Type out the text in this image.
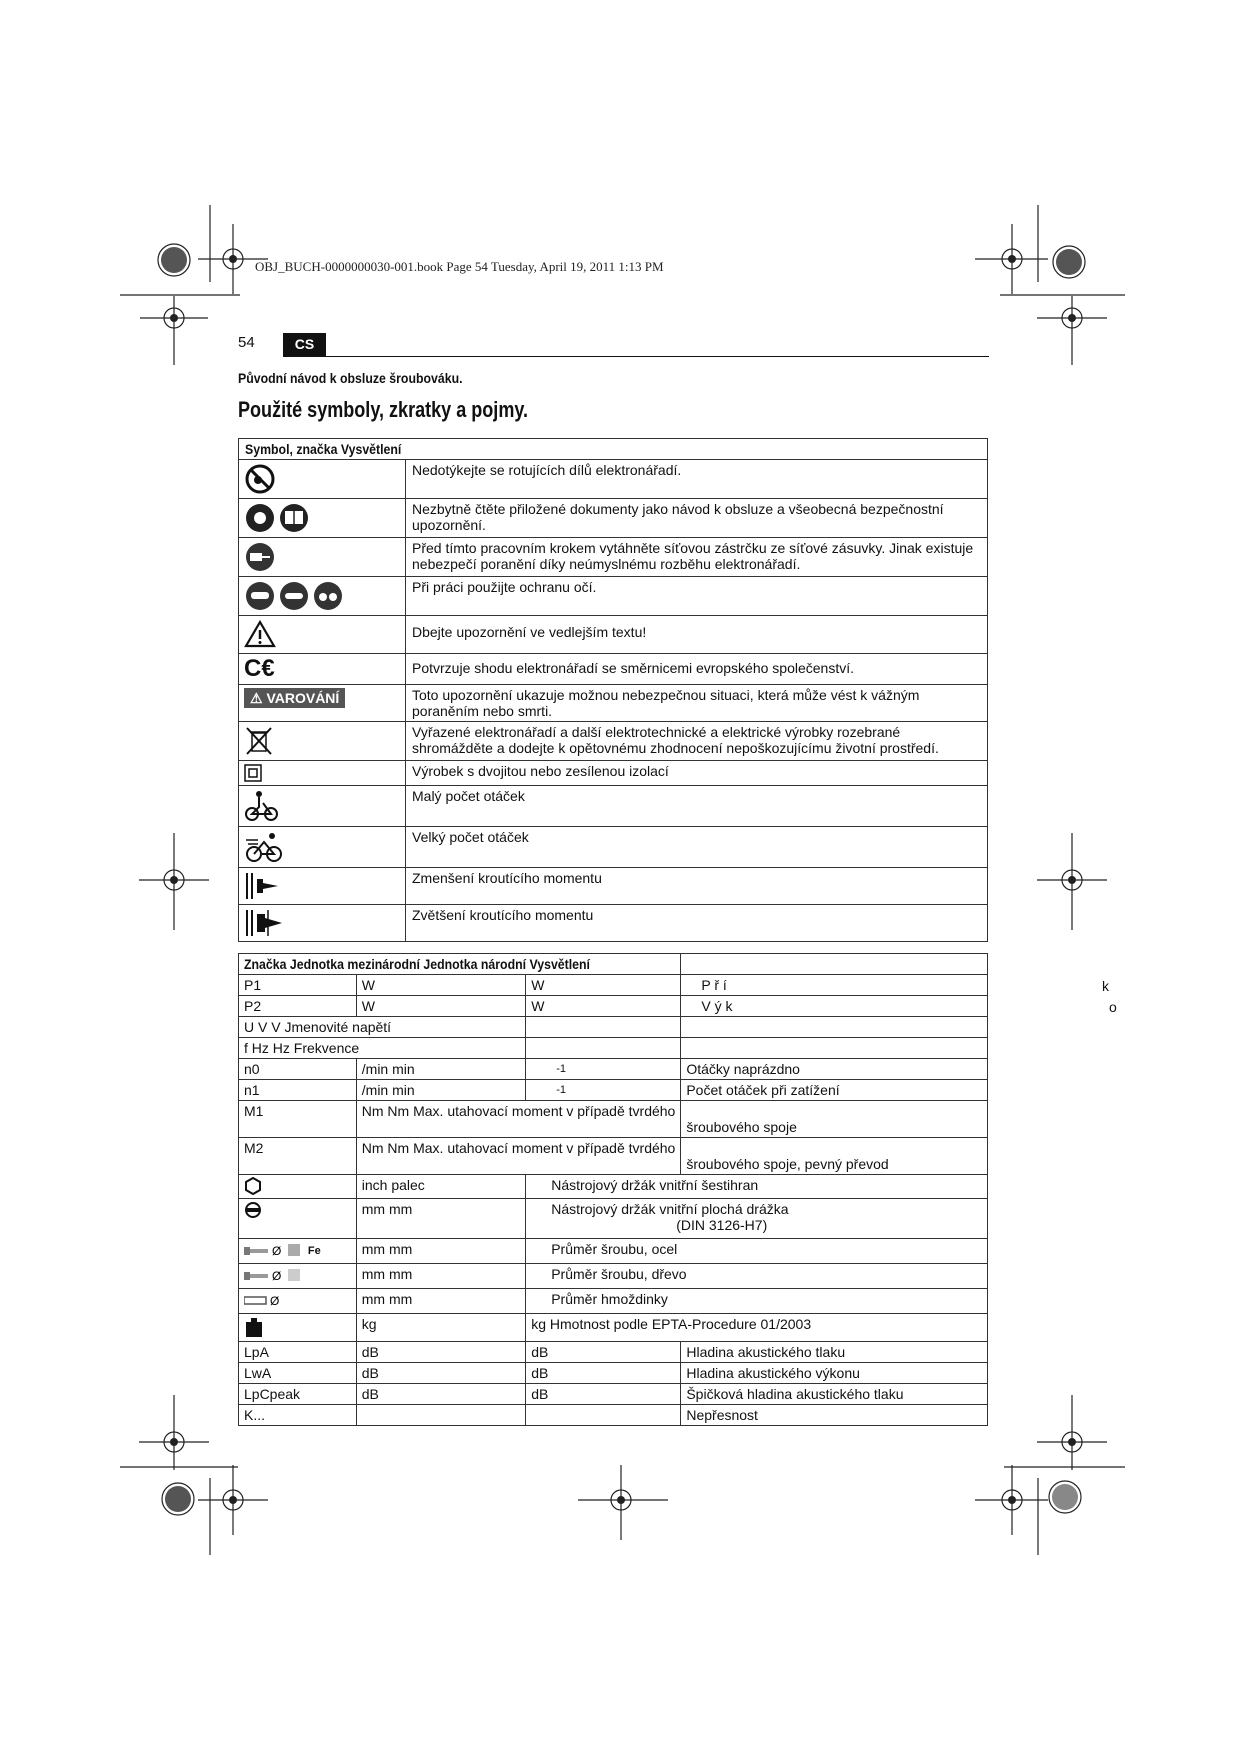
OBJ_BUCH-0000000030-001.book Page 54 Tuesday, April 19, 2011 1:13 PM
54	CS
Původní návod k obsluze šroubováku.
Použité symboly, zkratky a pojmy.
Symbol, značka Vysvětlení	
	Nedotýkejte se rotujících dílů elektronářadí.
	Nezbytně čtěte přiložené dokumenty jako návod k obsluze a všeobecná bezpečnostní upozornění.
	Před tímto pracovním krokem vytáhněte síťovou zástrčku ze síťové zásuvky. Jinak existuje nebezpečí poranění díky neúmyslnému rozběhu elektronářadí.
	Při práci použijte ochranu očí.
	Dbejte upozornění ve vedlejším textu!
C€	Potvrzuje shodu elektronářadí se směrnicemi evropského společenství.
⚠ VAROVÁNÍ	Toto upozornění ukazuje možnou nebezpečnou situaci, která může vést k vážným poraněním nebo smrti.
	Vyřazené elektronářadí a další elektrotechnické a elektrické výrobky rozebrané shromážděte a dodejte k opětovnému zhodnocení nepoškozujícímu životní prostředí.
	Výrobek s dvojitou nebo zesílenou izolací
	Malý počet otáček
	Velký počet otáček
	Zmenšení kroutícího momentu
	Zvětšení kroutícího momentu
Značka Jednotka mezinárodní Jednotka národní Vysvětlení			
P1	W	W	P ř í
P2	W	W	V ý k
U V V Jmenovité napětí			
f Hz Hz Frekvence			
n0	/min min	-1	Otáčky naprázdno
n1	/min min	-1	Počet otáček při zatížení
M1	Nm Nm Max. utahovací moment v případě tvrdého		šroubového spoje
M2	Nm Nm Max. utahovací moment v případě tvrdého		šroubového spoje, pevný převod
	inch palec	Nástrojový držák vnitřní šestihran	
	mm mm	Nástrojový držák vnitřní plochá drážka
(DIN 3126-H7)	

Ø Fe	mm mm	Průměr šroubu, ocel	

Ø	mm mm	Průměr šroubu, dřevo	

Ø	mm mm	Průměr hmoždinky	
	kg	kg Hmotnost podle EPTA-Procedure 01/2003	
LpA	dB	dB	Hladina akustického tlaku
LwA	dB	dB	Hladina akustického výkonu
LpCpeak	dB	dB	Špičková hladina akustického tlaku
K...			Nepřesnost
k
o
